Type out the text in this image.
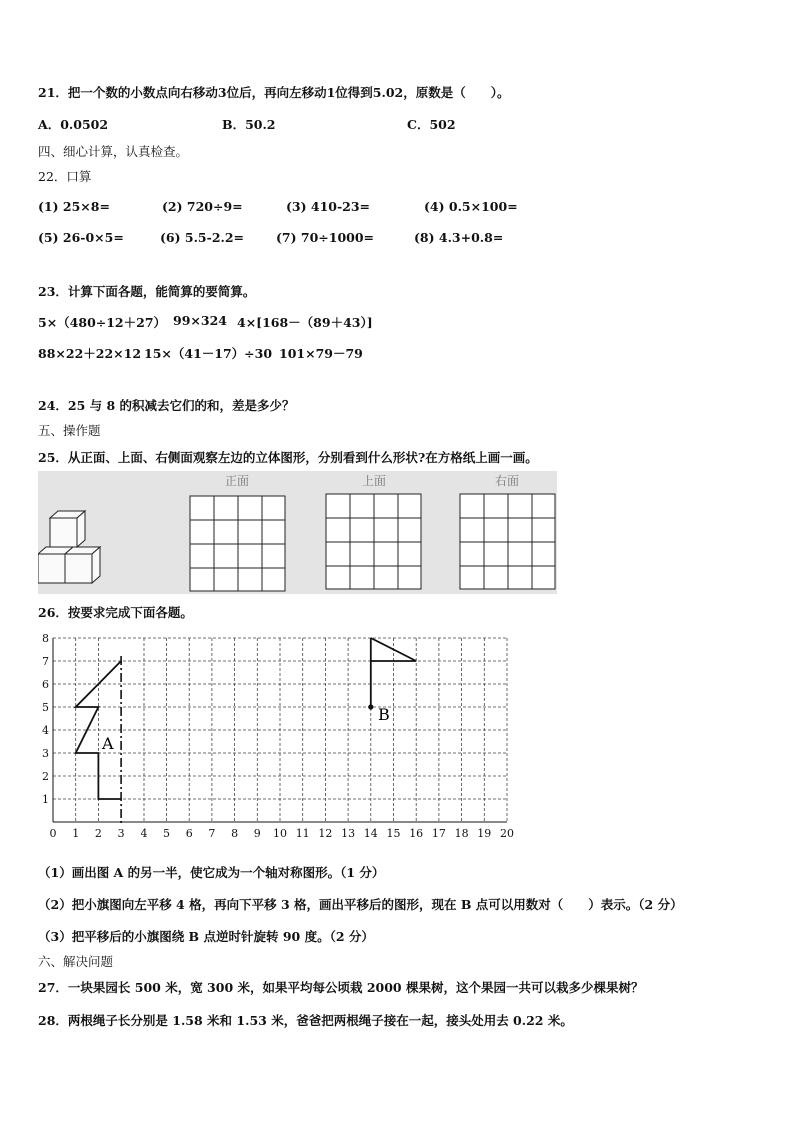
21．把一个数的小数点向右移动3位后，再向左移动1位得到5.02，原数是（　　）。
A．0.0502	B．50.2	C．502
四、细心计算，认真检查。
22．口算
(1) 25×8=	(2) 720÷9=	(3) 410-23=	(4) 0.5×100=
(5) 26-0×5=	(6) 5.5-2.2=	(7) 70÷1000=	(8) 4.3+0.8=
23．计算下面各题，能简算的要简算。
5×（480÷12＋27） 99×324 4×[168－（89＋43）]
88×22＋22×12 15×（41－17）÷30 101×79－79
24．25 与 8 的积减去它们的和，差是多少？
五、操作题
25．从正面、上面、右侧面观察左边的立体图形，分别看到什么形状?在方格纸上画一画。
正面	上面	右面
26．按要求完成下面各题。
B
A
0 1 2 3 4 5 6 7 8 9 10 11 12 13 14 15 16 17 18 19 20
1
2
3
4
5
6
7
8
（1）画出图 A 的另一半，使它成为一个轴对称图形。（1 分）
（2）把小旗图向左平移 4 格，再向下平移 3 格，画出平移后的图形，现在 B 点可以用数对（　　）表示。（2 分）
（3）把平移后的小旗图绕 B 点逆时针旋转 90 度。（2 分）
六、解决问题
27．一块果园长 500 米，宽 300 米，如果平均每公顷栽 2000 棵果树，这个果园一共可以栽多少棵果树？
28．两根绳子长分别是 1.58 米和 1.53 米，爸爸把两根绳子接在一起，接头处用去 0.22 米。
